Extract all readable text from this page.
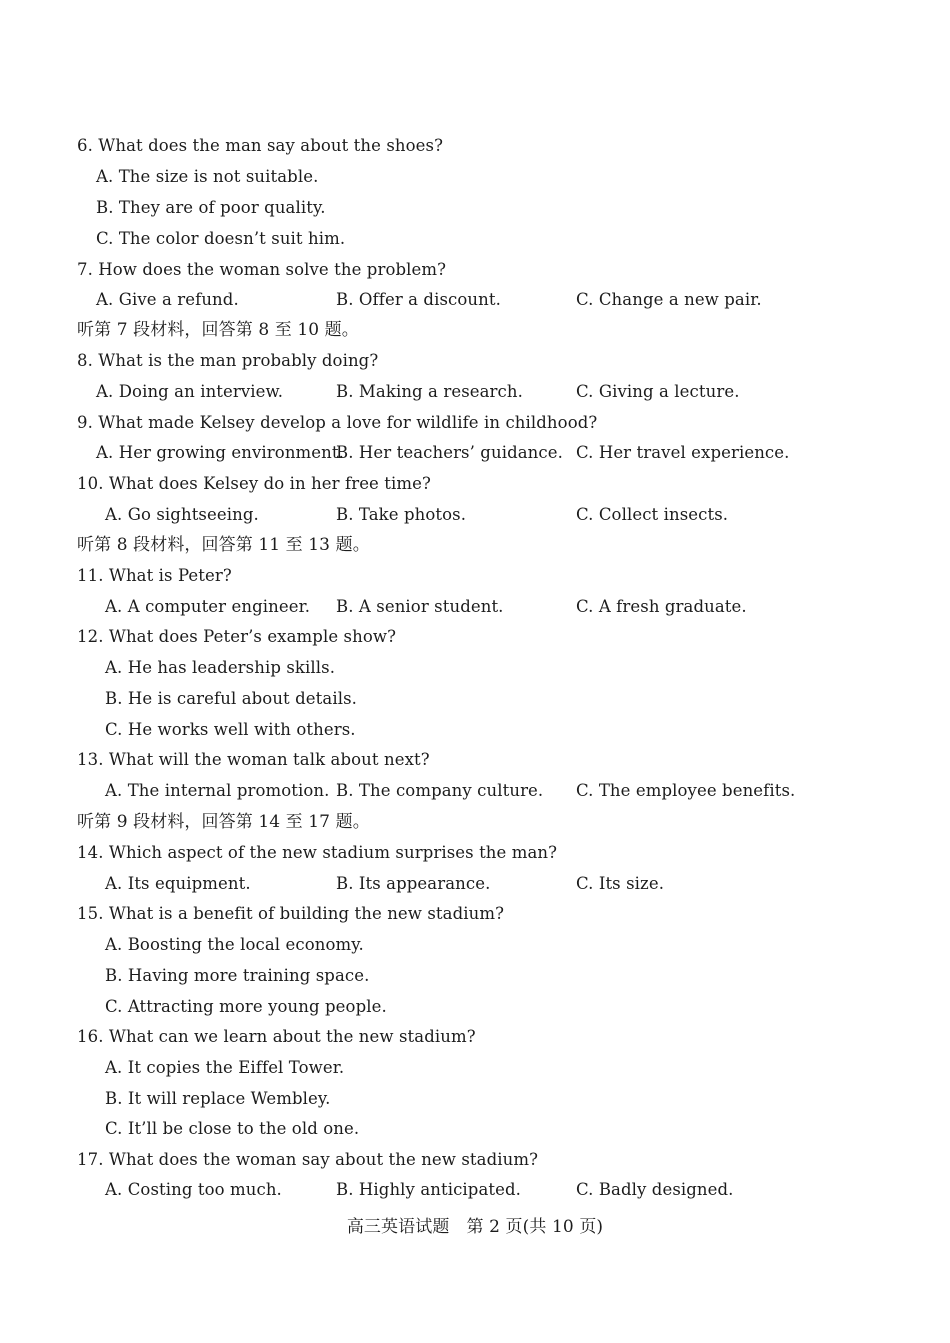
6. What does the man say about the shoes?
A. The size is not suitable.
B. They are of poor quality.
C. The color doesn’t suit him.
7. How does the woman solve the problem?
A. Give a refund.	B. Offer a discount.	C. Change a new pair.
听第 7 段材料，回答第 8 至 10 题。
8. What is the man probably doing?
A. Doing an interview.	B. Making a research.	C. Giving a lecture.
9. What made Kelsey develop a love for wildlife in childhood?
A. Her growing environment.
B. Her teachers’ guidance. C. Her travel experience.
10. What does Kelsey do in her free time?
A. Go sightseeing.	B. Take photos.	C. Collect insects.
听第 8 段材料，回答第 11 至 13 题。
11. What is Peter?
A. A computer engineer. B. A senior student.	C. A fresh graduate.
12. What does Peter’s example show?
A. He has leadership skills.
B. He is careful about details.
C. He works well with others.
13. What will the woman talk about next?
A. The internal promotion. B. The company culture. C. The employee benefits.
听第 9 段材料，回答第 14 至 17 题。
14. Which aspect of the new stadium surprises the man?
A. Its equipment.	B. Its appearance.	C. Its size.
15. What is a benefit of building the new stadium?
A. Boosting the local economy.
B. Having more training space.
C. Attracting more young people.
16. What can we learn about the new stadium?
A. It copies the Eiffel Tower.
B. It will replace Wembley.
C. It’ll be close to the old one.
17. What does the woman say about the new stadium?
A. Costing too much.	B. Highly anticipated.	C. Badly designed.
高三英语试题　第 2 页(共 10 页)
